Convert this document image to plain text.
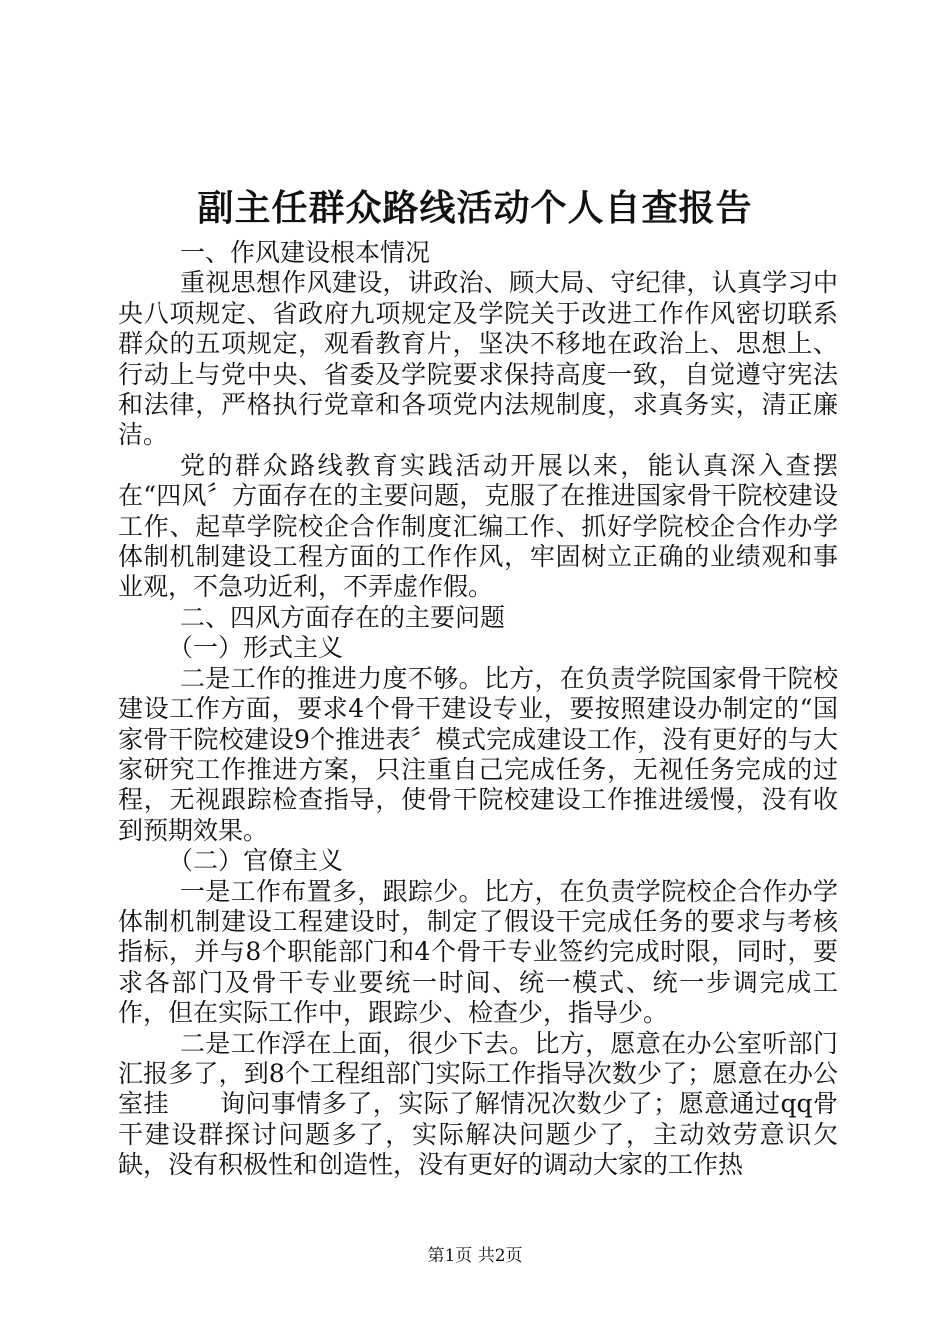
副主任群众路线活动个人自查报告

一、作风建设根本情况

重视思想作风建设，讲政治、顾大局、守纪律，认真学习中央八项规定、省政府九项规定及学院关于改进工作作风密切联系群众的五项规定，观看教育片，坚决不移地在政治上、思想上、行动上与党中央、省委及学院要求保持高度一致，自觉遵守宪法和法律，严格执行党章和各项党内法规制度，求真务实，清正廉洁。

党的群众路线教育实践活动开展以来，能认真深入查摆在“四风〞方面存在的主要问题，克服了在推进国家骨干院校建设工作、起草学院校企合作制度汇编工作、抓好学院校企合作办学体制机制建设工程方面的工作作风，牢固树立正确的业绩观和事业观，不急功近利，不弄虚作假。

二、四风方面存在的主要问题

（一）形式主义

二是工作的推进力度不够。比方，在负责学院国家骨干院校建设工作方面，要求4个骨干建设专业，要按照建设办制定的“国家骨干院校建设9个推进表〞模式完成建设工作，没有更好的与大家研究工作推进方案，只注重自己完成任务，无视任务完成的过程，无视跟踪检查指导，使骨干院校建设工作推进缓慢，没有收到预期效果。

（二）官僚主义

一是工作布置多，跟踪少。比方，在负责学院校企合作办学体制机制建设工程建设时，制定了假设干完成任务的要求与考核指标，并与8个职能部门和4个骨干专业签约完成时限，同时，要求各部门及骨干专业要统一时间、统一模式、统一步调完成工作，但在实际工作中，跟踪少、检查少，指导少。

二是工作浮在上面，很少下去。比方，愿意在办公室听部门汇报多了，到8个工程组部门实际工作指导次数少了；愿意在办公室挂　　询问事情多了，实际了解情况次数少了；愿意通过qq骨干建设群探讨问题多了，实际解决问题少了，主动效劳意识欠缺，没有积极性和创造性，没有更好的调动大家的工作热

第1页 共2页
